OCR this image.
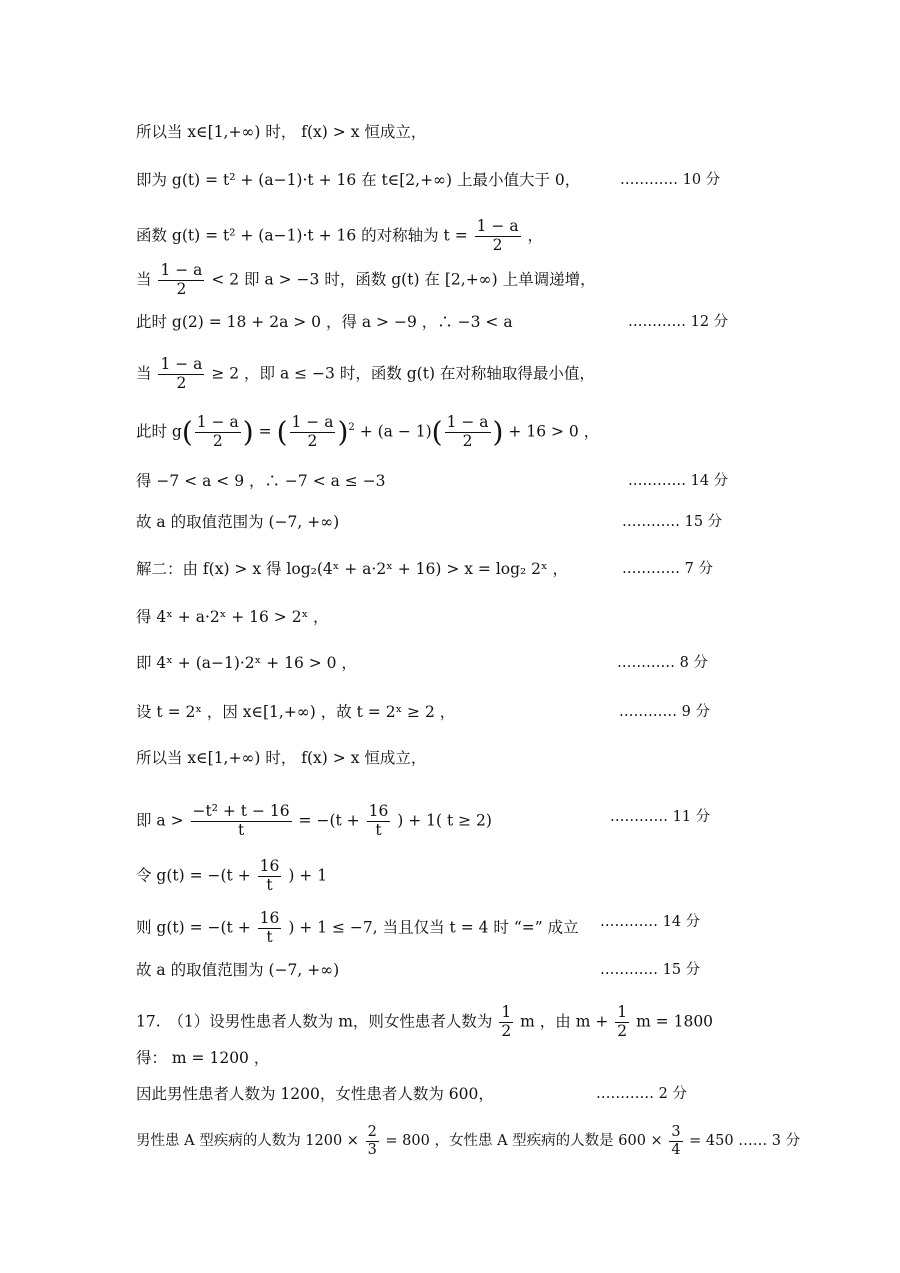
所以当 x∈[1,+∞) 时， f(x) > x 恒成立，
即为 g(t) = t² + (a−1)·t + 16 在 t∈[2,+∞) 上最小值大于 0，	………… 10 分
函数 g(t) = t² + (a−1)·t + 16 的对称轴为 $t = \frac{1 - a}{2}$ ，
当 $\frac{1 - a}{2} < 2$ 即 a > −3 时，函数 g(t) 在 [2,+∞) 上单调递增，
此时 g(2) = 18 + 2a > 0 ，得 a > −9 ，∴ −3 < a	………… 12 分
当 $\frac{1 - a}{2} \ge 2$ ，即 a ≤ −3 时，函数 g(t) 在对称轴取得最小值，
此时 $g( \frac{1 - a}{2}$ ) = ( $\frac{1 - a}{2} )^2 + (a - 1)( \frac{1 - a}{2}$ ) + 16 > 0 ，
得 −7 < a < 9 ，∴ −7 < a ≤ −3	………… 14 分
故 a 的取值范围为 (−7, +∞)	………… 15 分
解二：由 f(x) > x 得 log₂(4ˣ + a·2ˣ + 16) > x = log₂ 2ˣ ，	………… 7 分
得 4ˣ + a·2ˣ + 16 > 2ˣ ，
即 4ˣ + (a−1)·2ˣ + 16 > 0 ，	………… 8 分
设 t = 2ˣ ，因 x∈[1,+∞) ，故 t = 2ˣ ≥ 2 ，	………… 9 分
所以当 x∈[1,+∞) 时， f(x) > x 恒成立，
即 $a > \frac{\text{−t² + t − 16}}{t} = -(t + \frac{16}{t}$ ) + 1( t ≥ 2)	………… 11 分
令 $g(t) = -(t + \frac{16}{t}$ ) + 1
则 $g(t) = -(t + \frac{16}{t}$ ) + 1 ≤ −7, 当且仅当 t = 4 时 “=” 成立 ………… 14 分
故 a 的取值范围为 (−7, +∞)	………… 15 分
17.　（1）设男性患者人数为 m，则女性患者人数为 $\frac{1}{2}$ m ，由 $m + \frac{1}{2}$ m = 1800
得： m = 1200 ，
因此男性患者人数为 1200，女性患者人数为 600，	………… 2 分
男性患 A 型疾病的人数为 $1200 \times \frac{2}{3} = 800$ ，女性患 A 型疾病的人数是 $600 \times \frac{3}{4} = 450$ …… 3 分
